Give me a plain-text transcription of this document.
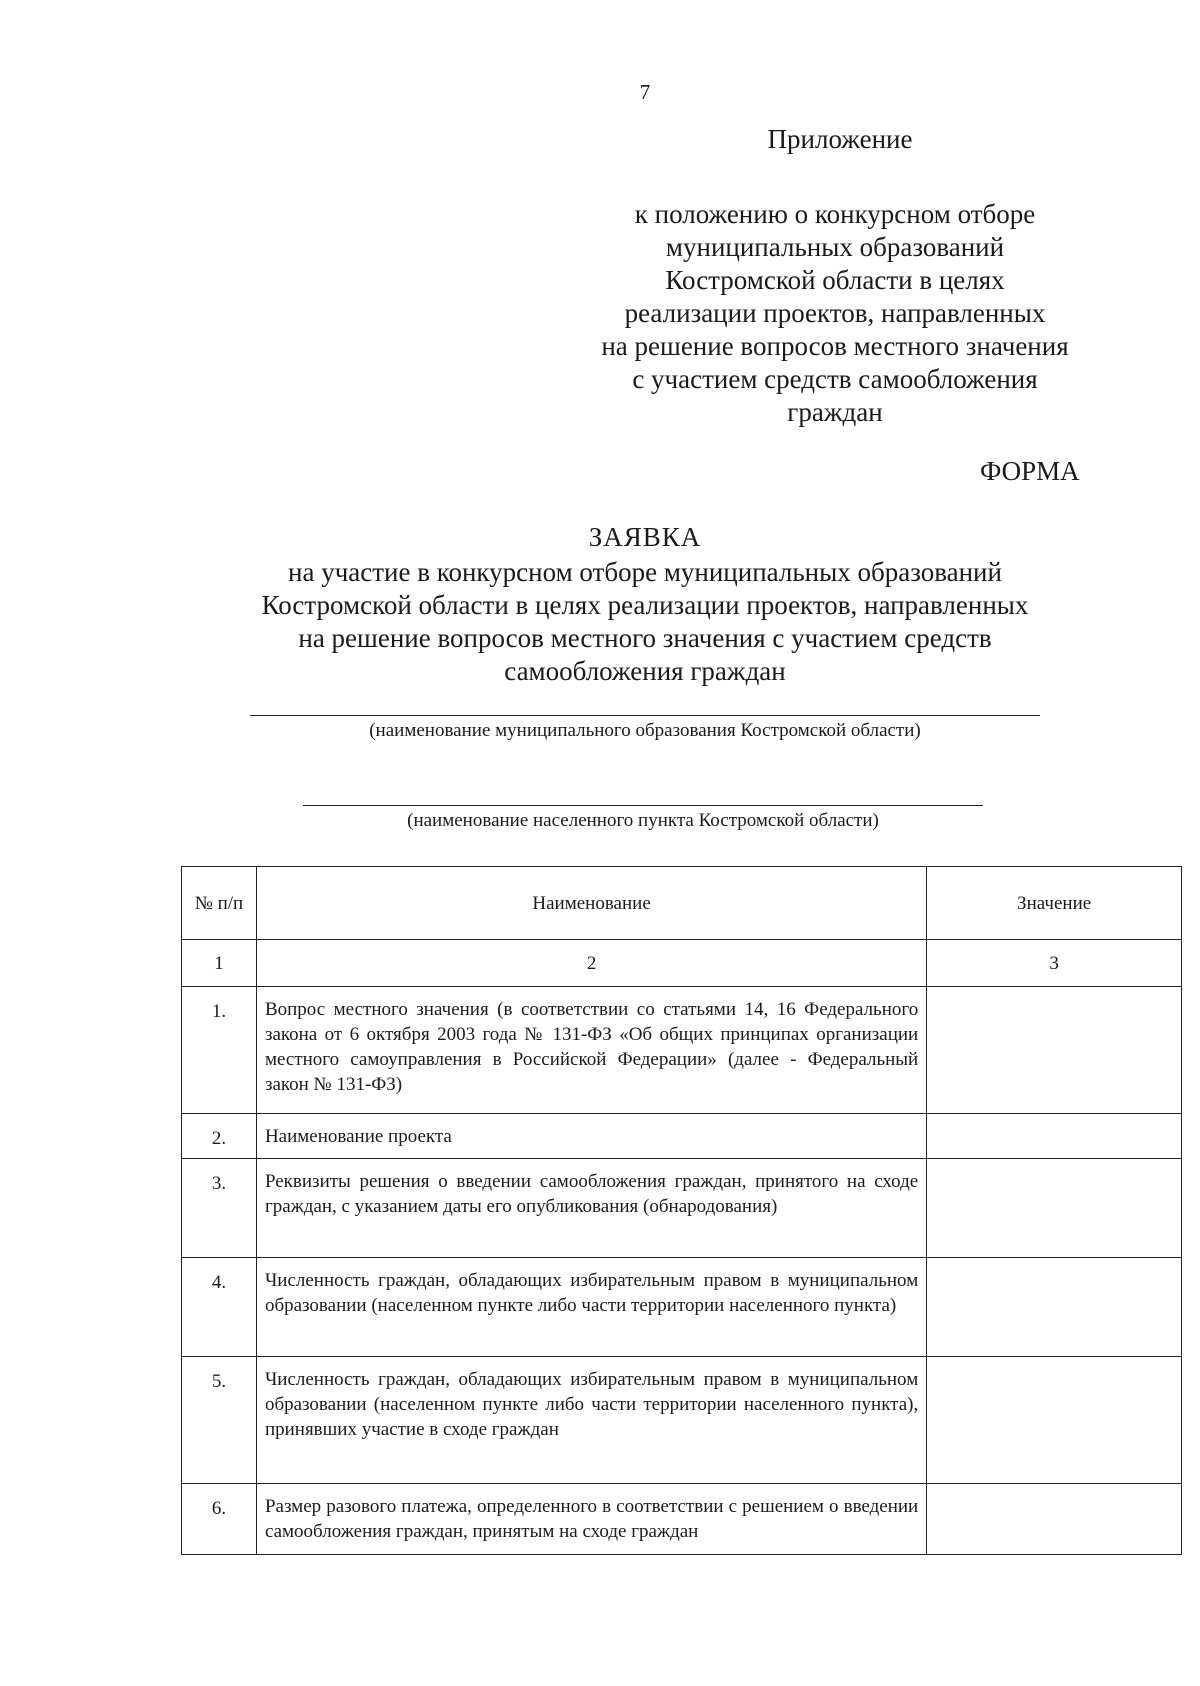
7
Приложение
к положению о конкурсном отборе
муниципальных образований
Костромской области в целях
реализации проектов, направленных
на решение вопросов местного значения
с участием средств самообложения
граждан
ФОРМА
ЗАЯВКА
на участие в конкурсном отборе муниципальных образований
Костромской области в целях реализации проектов, направленных
на решение вопросов местного значения с участием средств
самообложения граждан
(наименование муниципального образования Костромской области)
(наименование населенного пункта Костромской области)
№ п/п	Наименование	Значение
1	2	3
1.	Вопрос местного значения (в соответствии со статьями 14, 16 Федерального закона от 6 октября 2003 года № 131-ФЗ «Об общих принципах организации местного самоуправления в Российской Федерации» (далее - Федеральный закон № 131-ФЗ)	
2.	Наименование проекта	
3.	Реквизиты решения о введении самообложения граждан, принятого на сходе граждан, с указанием даты его опубликования (обнародования)	
4.	Численность граждан, обладающих избирательным правом в муниципальном образовании (населенном пункте либо части территории населенного пункта)	
5.	Численность граждан, обладающих избирательным правом в муниципальном образовании (населенном пункте либо части территории населенного пункта), принявших участие в сходе граждан	
6.	Размер разового платежа, определенного в соответствии с решением о введении самообложения граждан, принятым на сходе граждан	
